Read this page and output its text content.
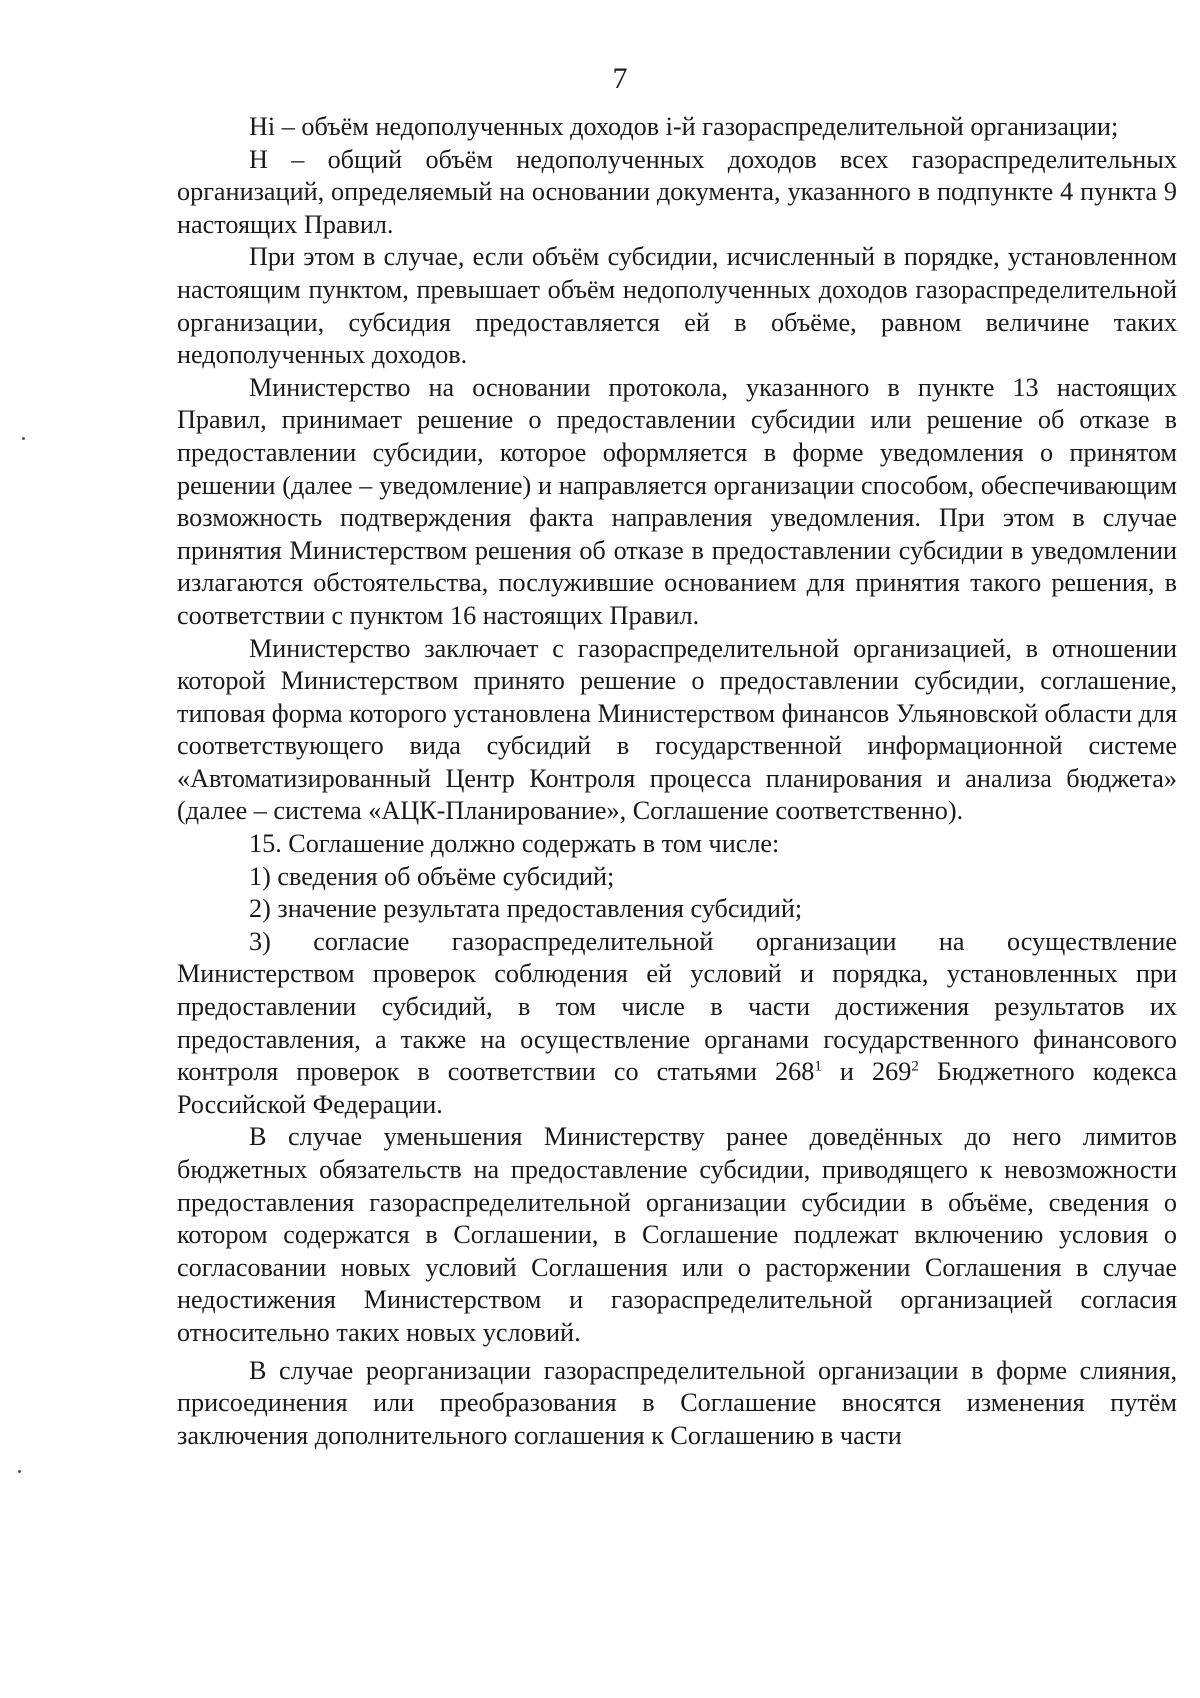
7

Нi – объём недополученных доходов i-й газораспределительной организации;

Н – общий объём недополученных доходов всех газораспределительных организаций, определяемый на основании документа, указанного в подпункте 4 пункта 9 настоящих Правил.

При этом в случае, если объём субсидии, исчисленный в порядке, установленном настоящим пунктом, превышает объём недополученных доходов газораспределительной организации, субсидия предоставляется ей в объёме, равном величине таких недополученных доходов.

Министерство на основании протокола, указанного в пункте 13 настоящих Правил, принимает решение о предоставлении субсидии или решение об отказе в предоставлении субсидии, которое оформляется в форме уведомления о принятом решении (далее – уведомление) и направляется организации способом, обеспечивающим возможность подтверждения факта направления уведомления. При этом в случае принятия Министерством решения об отказе в предоставлении субсидии в уведомлении излагаются обстоятельства, послужившие основанием для принятия такого решения, в соответствии с пунктом 16 настоящих Правил.

Министерство заключает с газораспределительной организацией, в отношении которой Министерством принято решение о предоставлении субсидии, соглашение, типовая форма которого установлена Министерством финансов Ульяновской области для соответствующего вида субсидий в государственной информационной системе «Автоматизированный Центр Контроля процесса планирования и анализа бюджета» (далее – система «АЦК-Планирование», Соглашение соответственно).

15. Соглашение должно содержать в том числе:

1) сведения об объёме субсидий;

2) значение результата предоставления субсидий;

3) согласие газораспределительной организации на осуществление Министерством проверок соблюдения ей условий и порядка, установленных при предоставлении субсидий, в том числе в части достижения результатов их предоставления, а также на осуществление органами государственного финансового контроля проверок в соответствии со статьями $268^1$ и $269^2$ Бюджетного кодекса Российской Федерации.

В случае уменьшения Министерству ранее доведённых до него лимитов бюджетных обязательств на предоставление субсидии, приводящего к невозможности предоставления газораспределительной организации субсидии в объёме, сведения о котором содержатся в Соглашении, в Соглашение подлежат включению условия о согласовании новых условий Соглашения или о расторжении Соглашения в случае недостижения Министерством и газораспределительной организацией согласия относительно таких новых условий.

В случае реорганизации газораспределительной организации в форме слияния, присоединения или преобразования в Соглашение вносятся изменения путём заключения дополнительного соглашения к Соглашению в части
